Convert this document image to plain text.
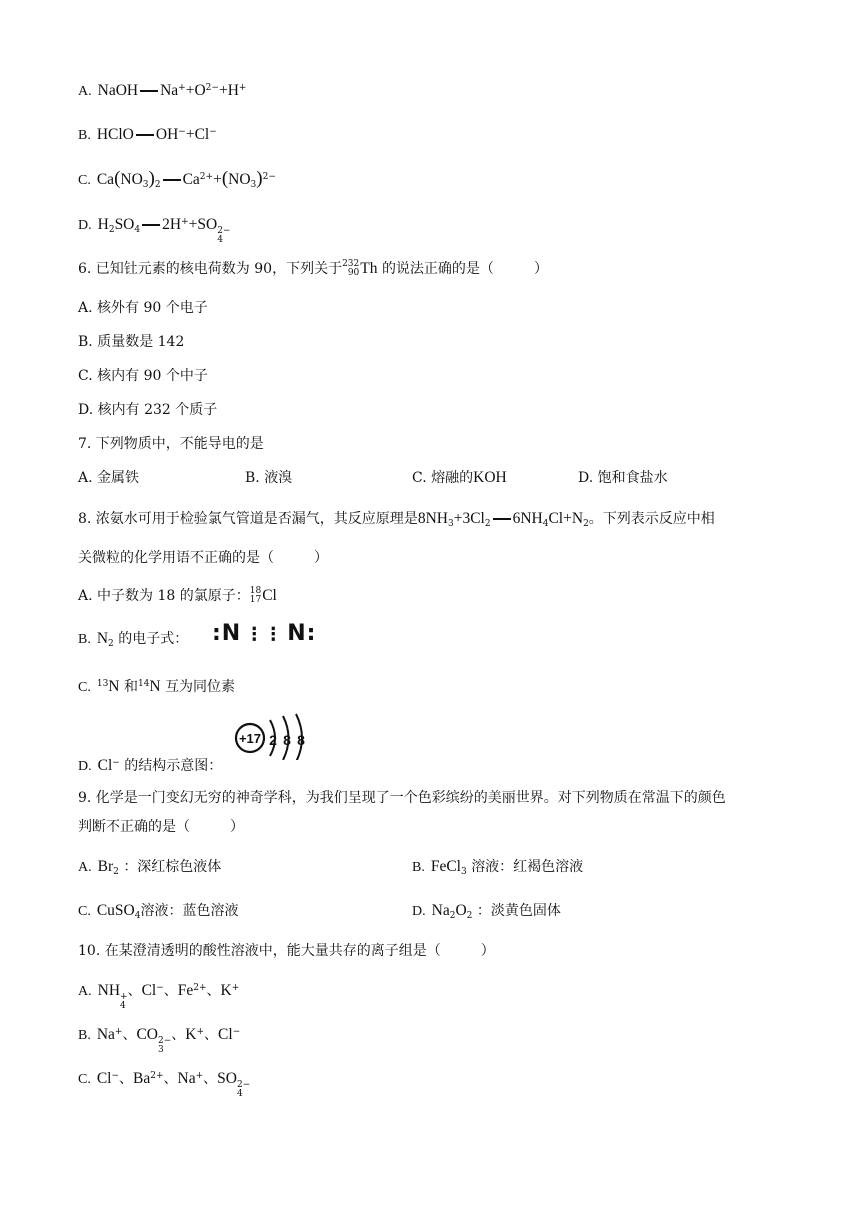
A. NaOH $Na^++O^{2-}+H^+$
B. HClO OH−+Cl−
C. $Ca(NO_3)_2$ $Ca^{2+}+(NO_3)^{2-}$
D. $H_2SO_4$ 2H++SO 2−
4
6. 已知钍元素的核电荷数为 90，下列关于 232
90 Th 的说法正确的是（	）
A. 核外有 90 个电子
B. 质量数是 142
C. 核内有 90 个中子
D. 核内有 232 个质子
7. 下列物质中，不能导电的是
A. 金属铁	B. 液溴	C. 熔融的KOH	D. 饱和食盐水
8. 浓氨水可用于检验氯气管道是否漏气，其反应原理是$8NH_3+3Cl_2$ $6NH_4Cl+N_2$。下列表示反应中相
关微粒的化学用语不正确的是（	）
A. 中子数为 18 的氯原子： 18
17 Cl
B. $N_2$ 的电子式： :N ⋮⋮ N:
C. $^{13}$N 和$^{14}$N 互为同位素
+17 2 8 8
D. Cl− 的结构示意图：
9. 化学是一门变幻无穷的神奇学科，为我们呈现了一个色彩缤纷的美丽世界。对下列物质在常温下的颜色
判断不正确的是（	）
A. $Br_2$ ：深红棕色液体	B. FeCl$_3$ 溶液：红褐色溶液
C. CuSO$_4$溶液：蓝色溶液	D. $Na_2O_2$ ：淡黄色固体
10. 在某澄清透明的酸性溶液中，能大量共存的离子组是（	）
A. NH +
4
、Cl−、$Fe^{2+}$、K+
B. Na+、CO 2−
3
、K+、Cl−
C. Cl−、$Ba^{2+}$、Na+、SO 2−
4
